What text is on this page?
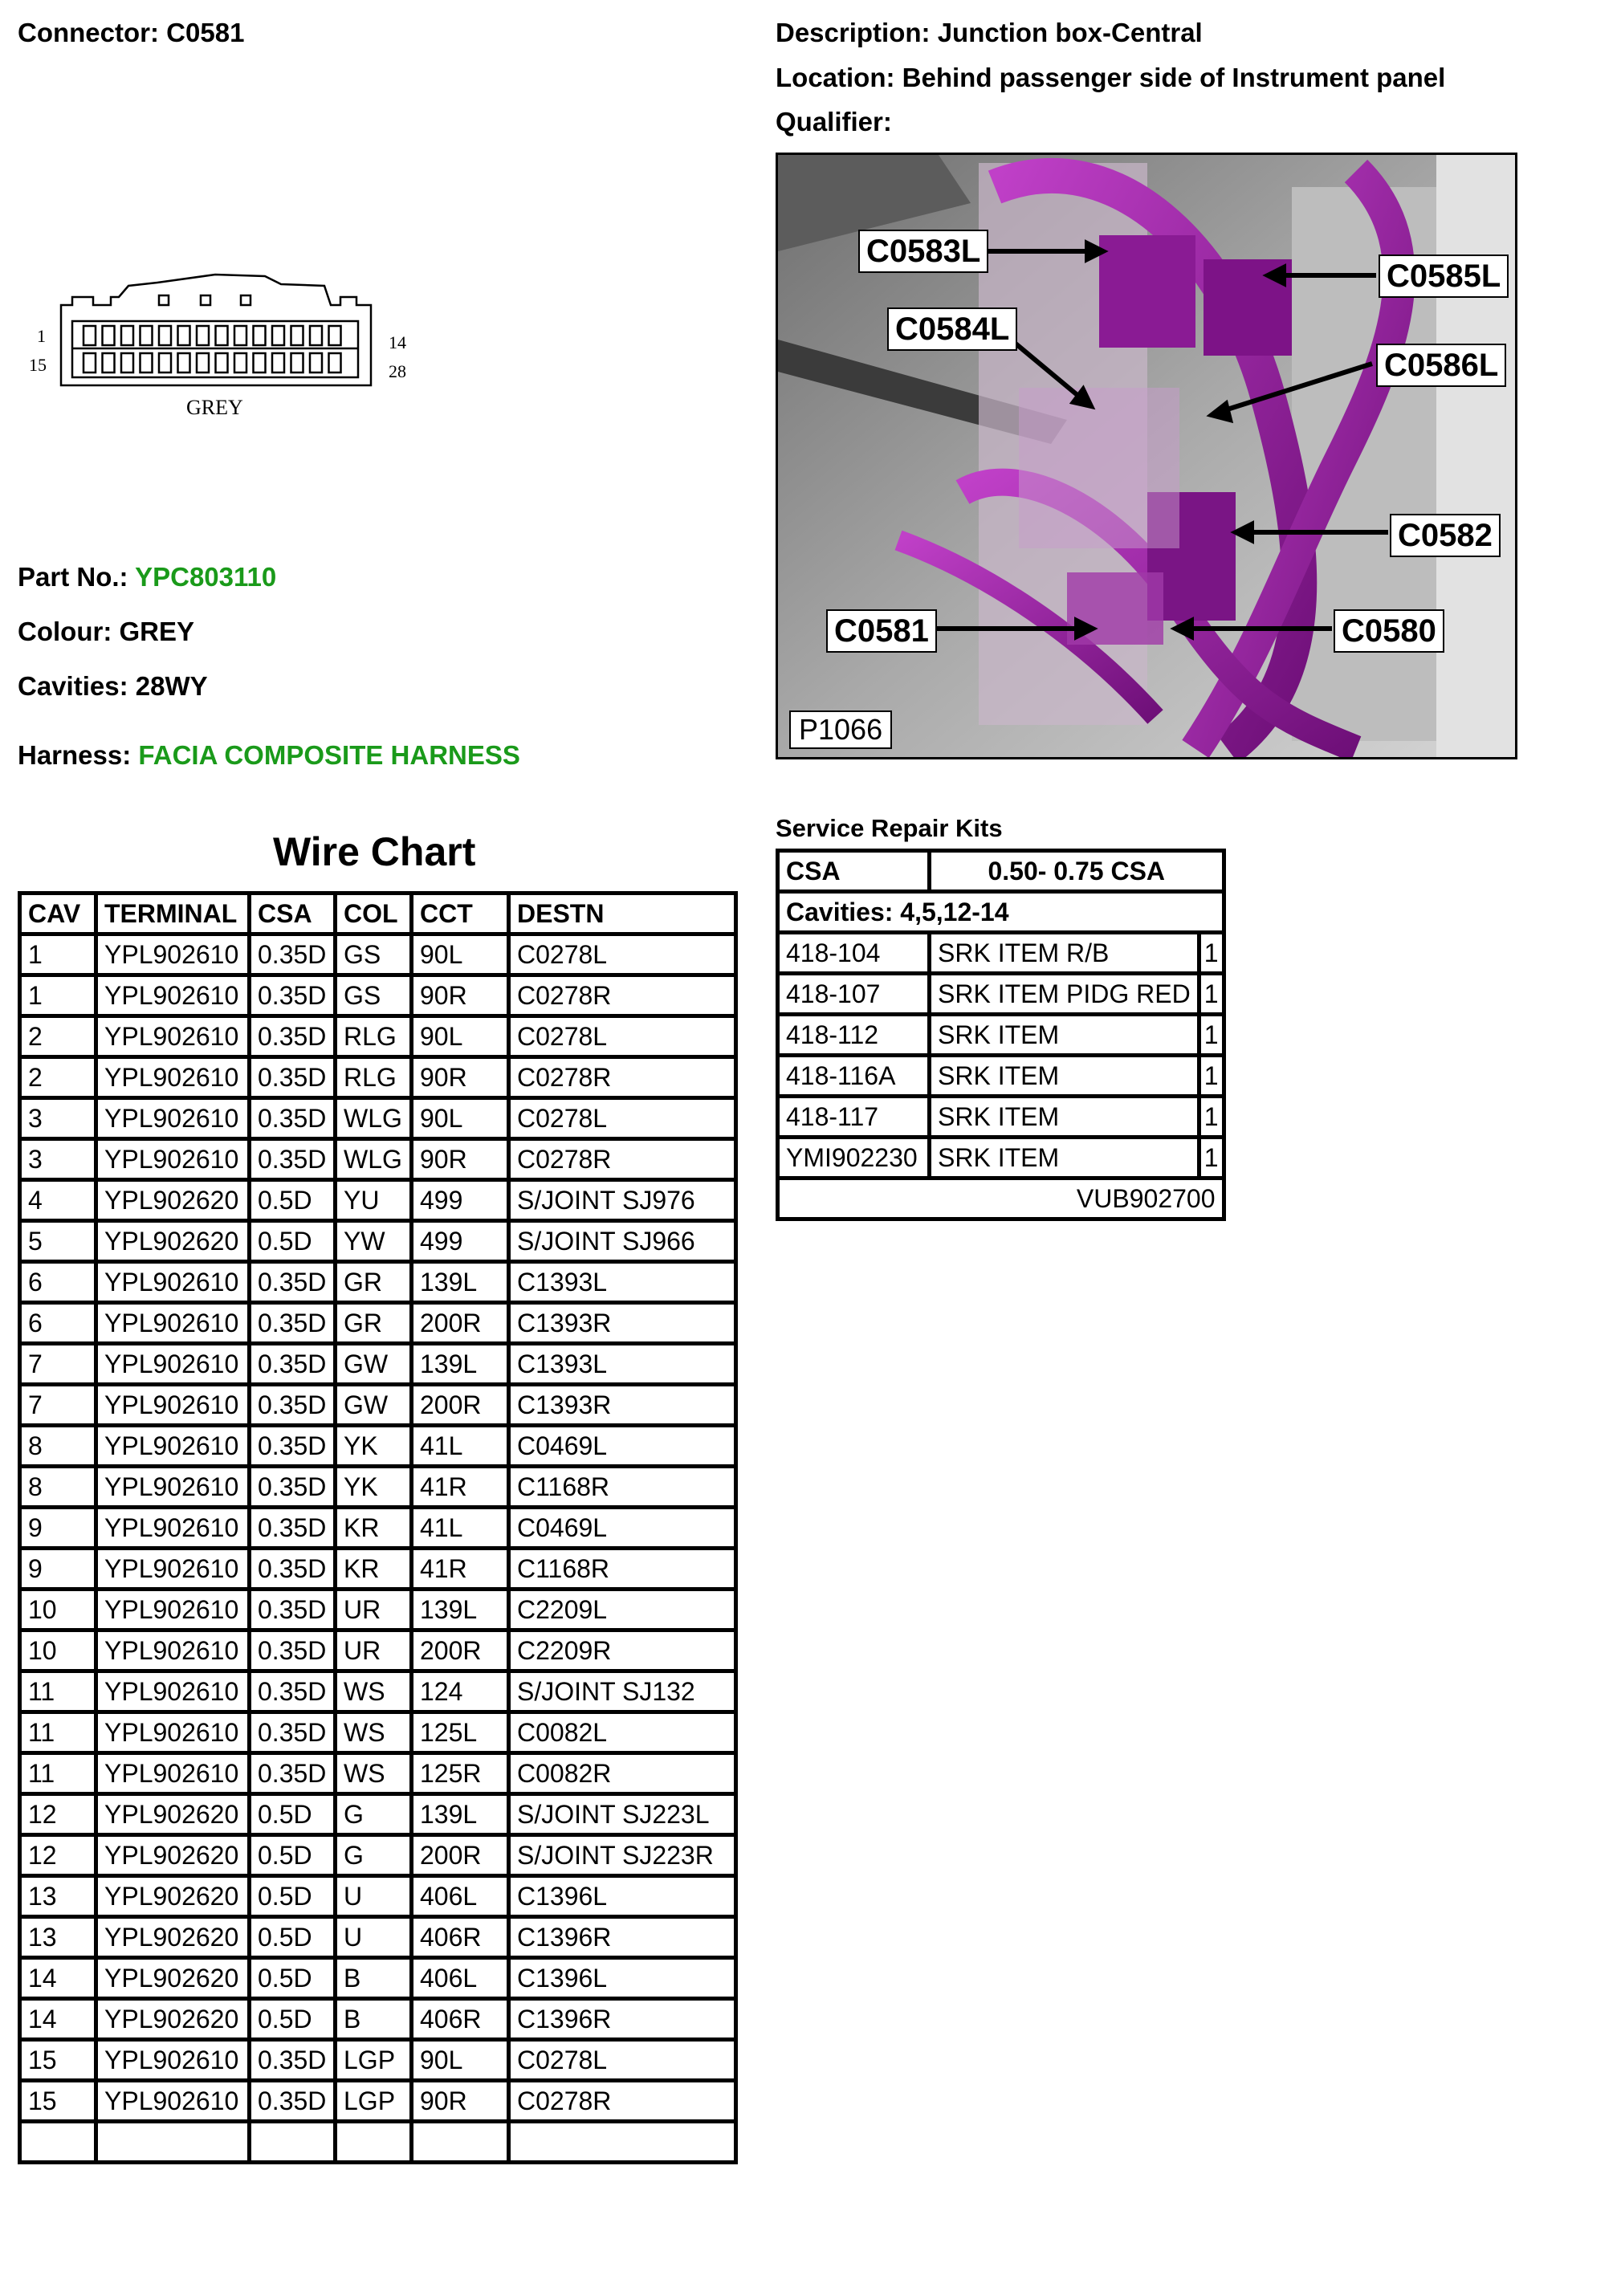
Connector: C0581	Description: Junction box-Central
Location: Behind passenger side of Instrument panel
Qualifier:
1
15
14
28
GREY
Part No.: YPC803110
Colour: GREY
Cavities: 28WY
Harness: FACIA COMPOSITE HARNESS
C0583L
C0585L
C0584L
C0586L
C0582
C0581	C0580
P1066
Wire Chart
CAV	TERMINAL	CSA	COL	CCT	DESTN
1	YPL902610	0.35D	GS	90L	C0278L
1	YPL902610	0.35D	GS	90R	C0278R
2	YPL902610	0.35D	RLG	90L	C0278L
2	YPL902610	0.35D	RLG	90R	C0278R
3	YPL902610	0.35D	WLG	90L	C0278L
3	YPL902610	0.35D	WLG	90R	C0278R
4	YPL902620	0.5D	YU	499	S/JOINT SJ976
5	YPL902620	0.5D	YW	499	S/JOINT SJ966
6	YPL902610	0.35D	GR	139L	C1393L
6	YPL902610	0.35D	GR	200R	C1393R
7	YPL902610	0.35D	GW	139L	C1393L
7	YPL902610	0.35D	GW	200R	C1393R
8	YPL902610	0.35D	YK	41L	C0469L
8	YPL902610	0.35D	YK	41R	C1168R
9	YPL902610	0.35D	KR	41L	C0469L
9	YPL902610	0.35D	KR	41R	C1168R
10	YPL902610	0.35D	UR	139L	C2209L
10	YPL902610	0.35D	UR	200R	C2209R
11	YPL902610	0.35D	WS	124	S/JOINT SJ132
11	YPL902610	0.35D	WS	125L	C0082L
11	YPL902610	0.35D	WS	125R	C0082R
12	YPL902620	0.5D	G	139L	S/JOINT SJ223L
12	YPL902620	0.5D	G	200R	S/JOINT SJ223R
13	YPL902620	0.5D	U	406L	C1396L
13	YPL902620	0.5D	U	406R	C1396R
14	YPL902620	0.5D	B	406L	C1396L
14	YPL902620	0.5D	B	406R	C1396R
15	YPL902610	0.35D	LGP	90L	C0278L
15	YPL902610	0.35D	LGP	90R	C0278R

Service Repair Kits
CSA	0.50- 0.75 CSA	
Cavities: 4,5,12-14		
418-104	SRK ITEM R/B	1
418-107	SRK ITEM PIDG RED	1
418-112	SRK ITEM	1
418-116A	SRK ITEM	1
418-117	SRK ITEM	1
YMI902230	SRK ITEM	1
VUB902700		
